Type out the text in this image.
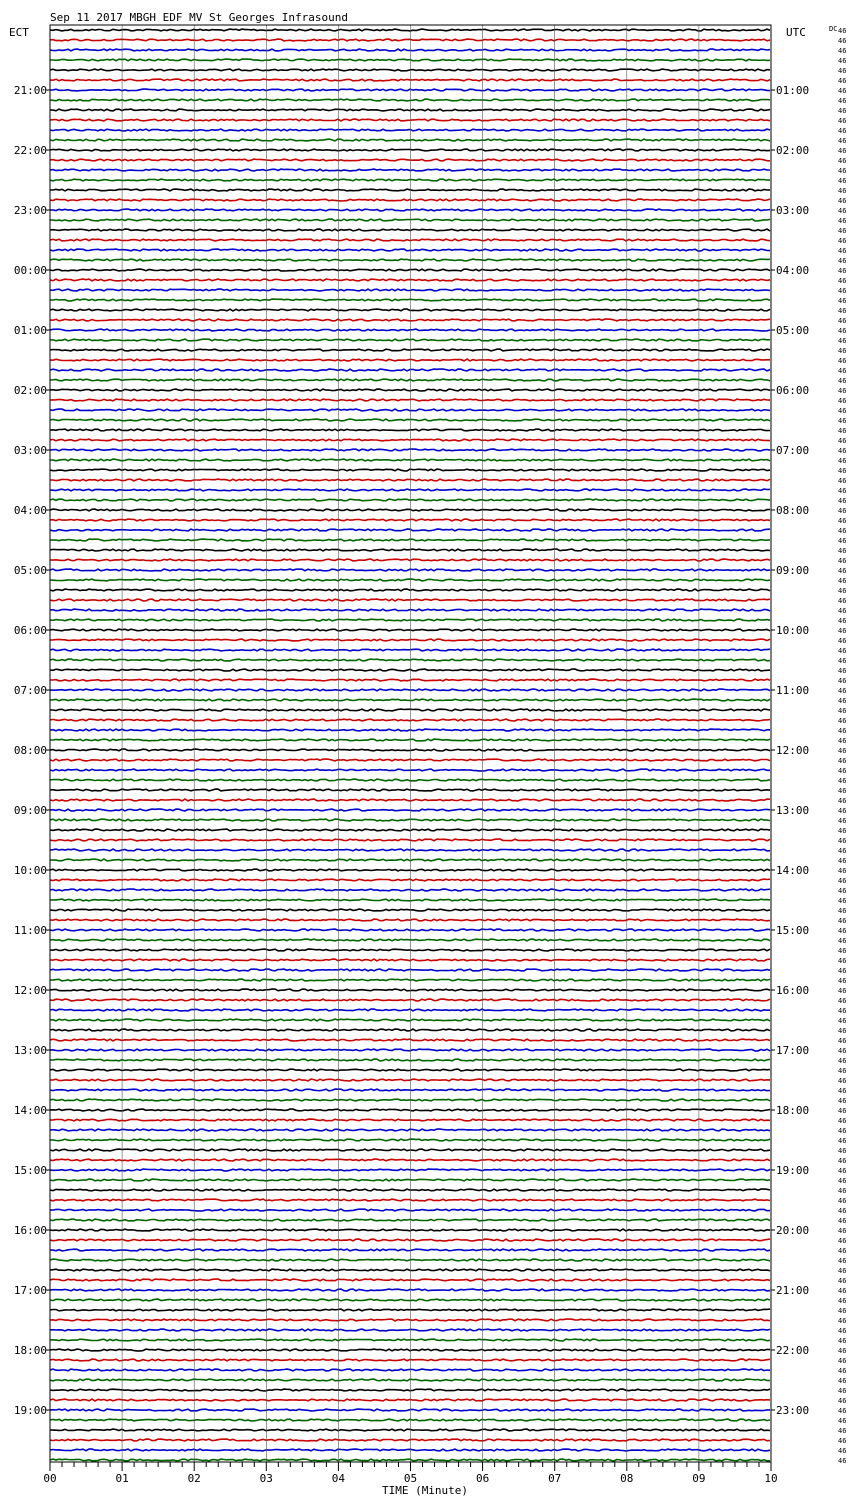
Sep 11 2017 MBGH EDF MV St Georges Infrasound
ECT	UTC	DC
TIME (Minute)
46
46
46
46
46
46
46
46
46
46
46
46
46
46
46
46
46
46
46
46
46
46
46
46
46
46
46
46
46
46
46
46
46
46
46
46
46
46
46
46
46
46
46
46
46
46
46
46
46
46
46
46
46
46
46
46
46
46
46
46
46
46
46
46
46
46
46
46
46
46
46
46
46
46
46
46
46
46
46
46
46
46
46
46
46
46
46
46
46
46
46
46
46
46
46
46
46
46
46
46
46
46
46
46
46
46
46
46
46
46
46
46
46
46
46
46
46
46
46
46
46
46
46
46
46
46
46
46
46
46
46
46
46
46
46
46
46
46
46
46
46
46
46
46
00	01	02	03	04	05	06	07	08	09	10
21:00	01:00
22:00	02:00
23:00	03:00
00:00	04:00
01:00	05:00
02:00	06:00
03:00	07:00
04:00	08:00
05:00	09:00
06:00	10:00
07:00	11:00
08:00	12:00
09:00	13:00
10:00	14:00
11:00	15:00
12:00	16:00
13:00	17:00
14:00	18:00
15:00	19:00
16:00	20:00
17:00	21:00
18:00	22:00
19:00	23:00
